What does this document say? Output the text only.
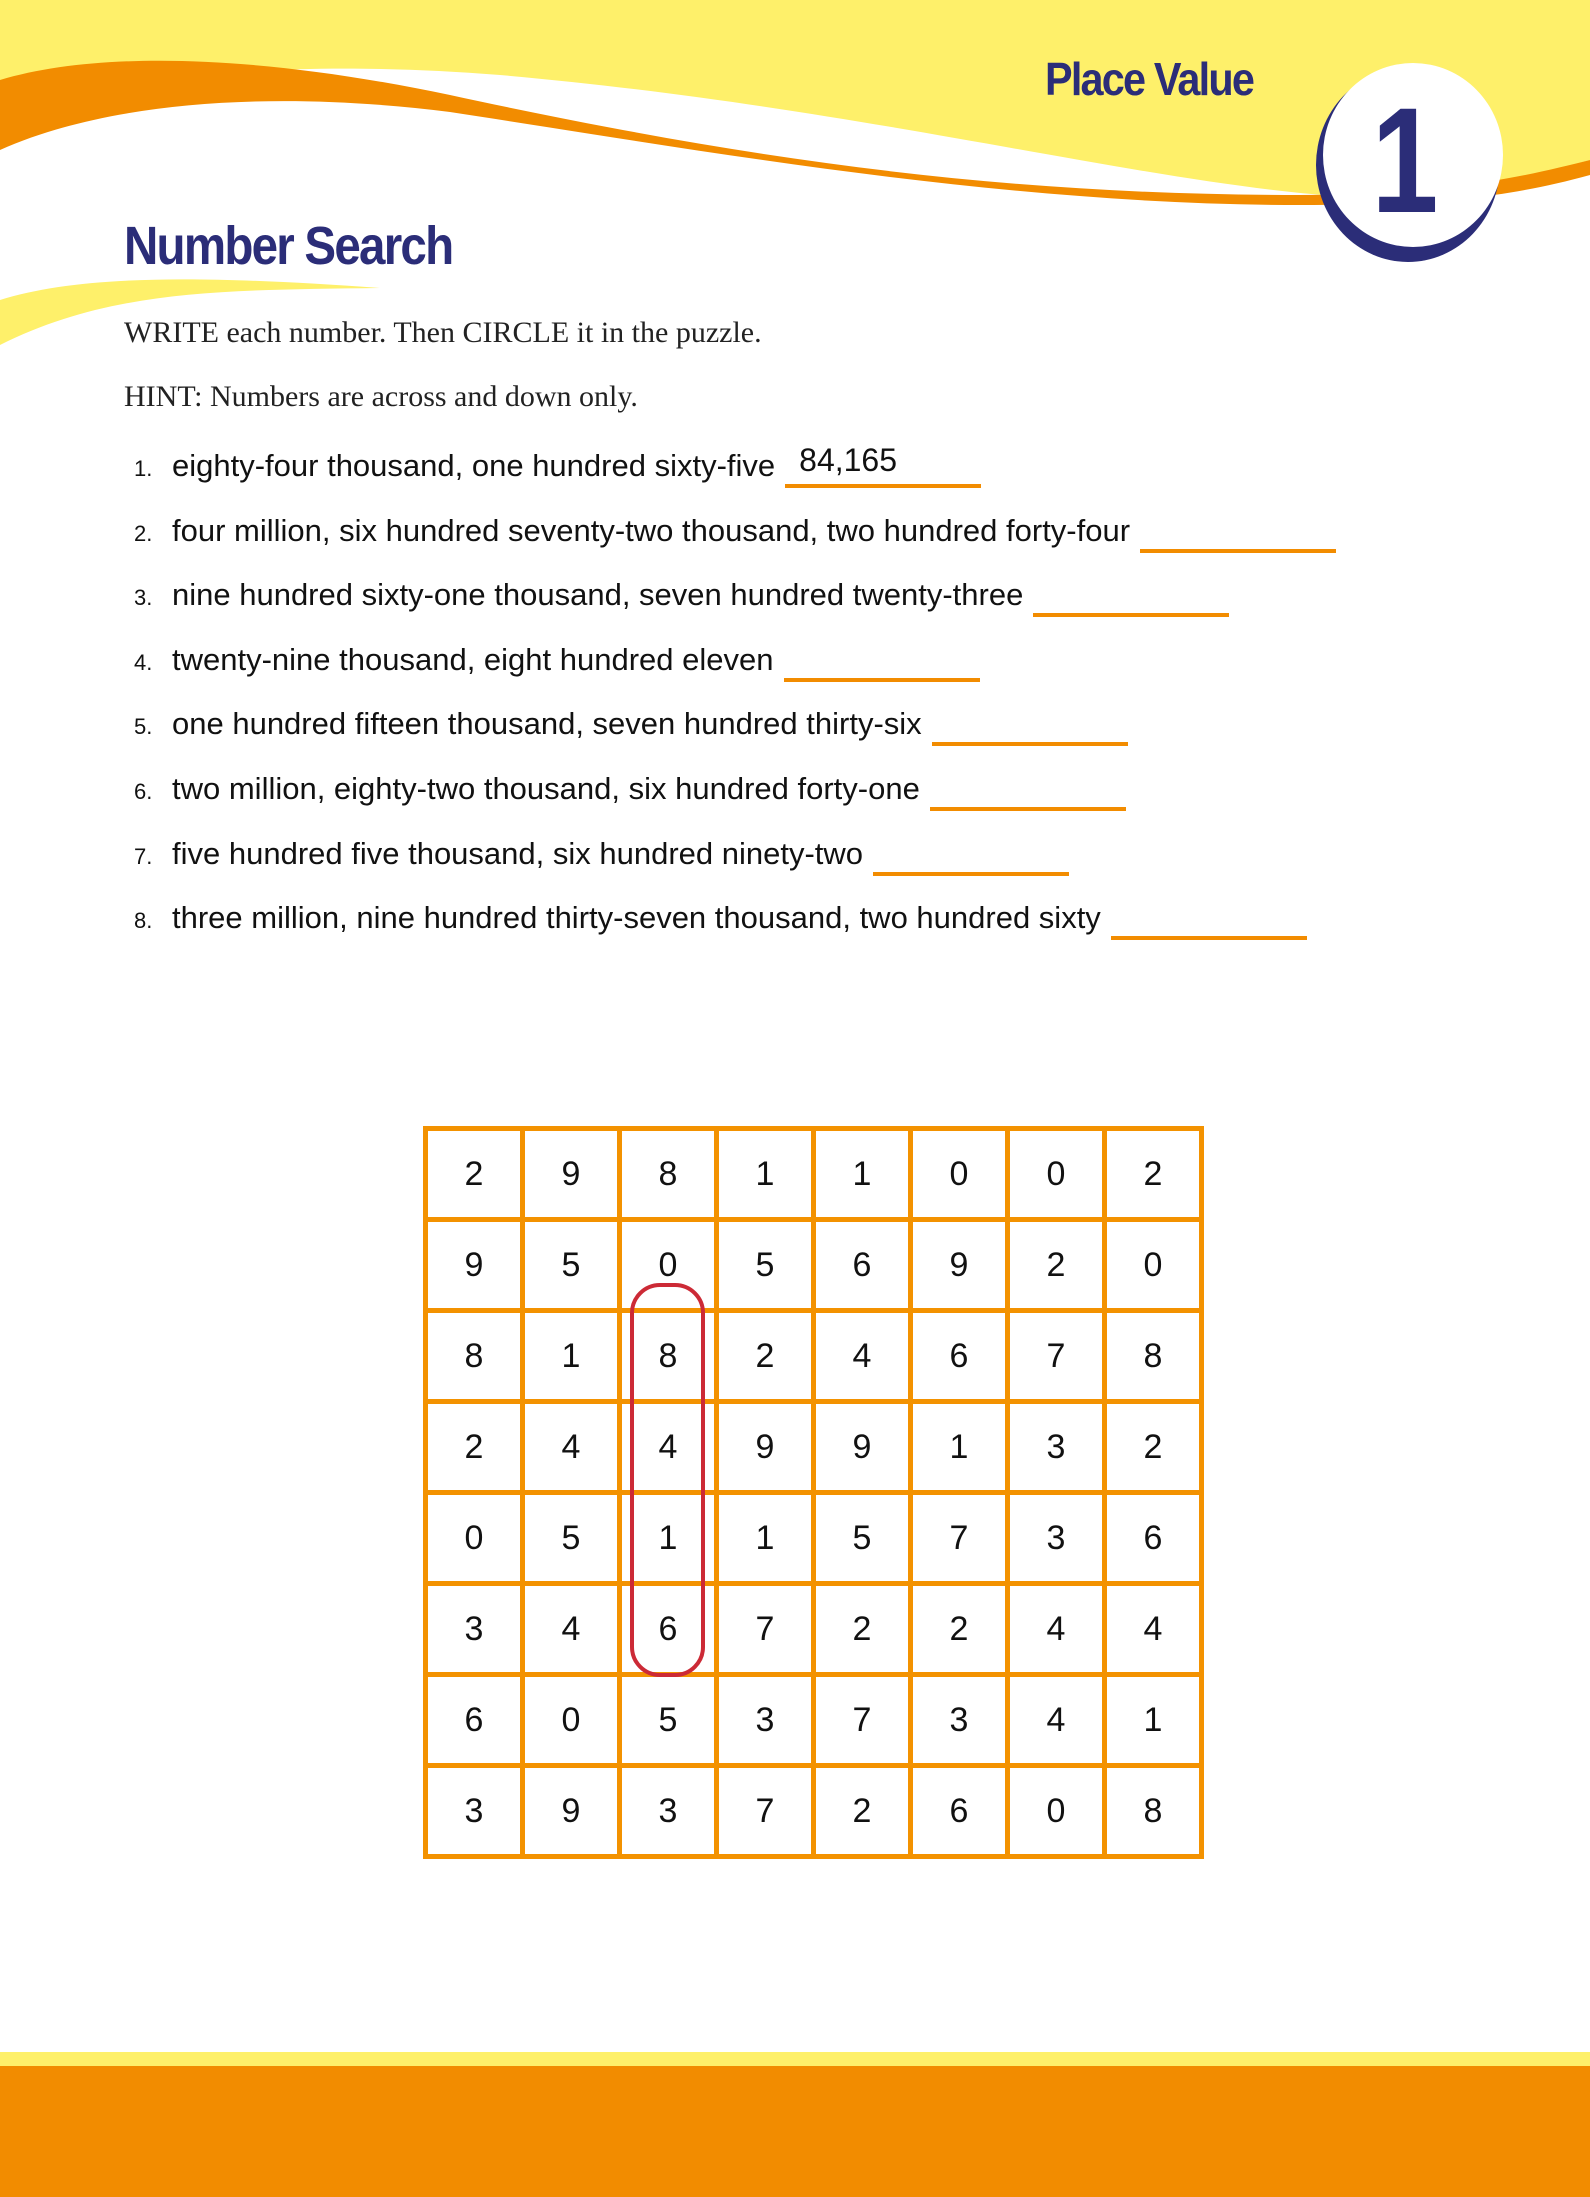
Place Value 1
Number Search
WRITE each number. Then CIRCLE it in the puzzle.
HINT: Numbers are across and down only.
1. eighty-four thousand, one hundred sixty-five 84,165
2. four million, six hundred seventy-two thousand, two hundred forty-four
3. nine hundred sixty-one thousand, seven hundred twenty-three
4. twenty-nine thousand, eight hundred eleven
5. one hundred fifteen thousand, seven hundred thirty-six
6. two million, eighty-two thousand, six hundred forty-one
7. five hundred five thousand, six hundred ninety-two
8. three million, nine hundred thirty-seven thousand, two hundred sixty
2	9	8	1	1	0	0	2
9	5	0	5	6	9	2	0
8	1	8	2	4	6	7	8
2	4	4	9	9	1	3	2
0	5	1	1	5	7	3	6
3	4	6	7	2	2	4	4
6	0	5	3	7	3	4	1
3	9	3	7	2	6	0	8
